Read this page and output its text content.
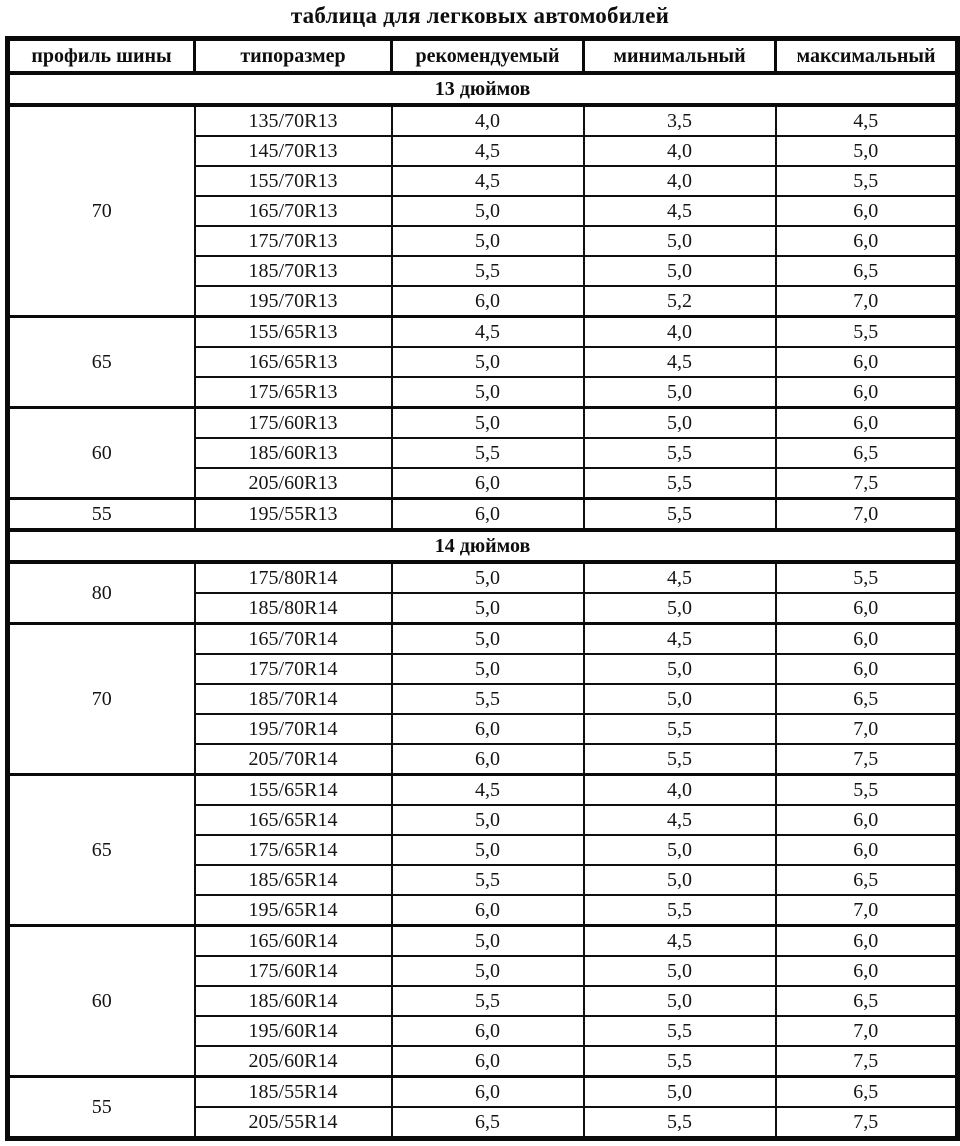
таблица для легковых автомобилей
профиль шины	типоразмер	рекомендуемый	минимальный	максимальный
13 дюймов				
70	135/70R13	4,0	3,5	4,5
	145/70R13	4,5	4,0	5,0
	155/70R13	4,5	4,0	5,5
	165/70R13	5,0	4,5	6,0
	175/70R13	5,0	5,0	6,0
	185/70R13	5,5	5,0	6,5
	195/70R13	6,0	5,2	7,0
65	155/65R13	4,5	4,0	5,5
	165/65R13	5,0	4,5	6,0
	175/65R13	5,0	5,0	6,0
60	175/60R13	5,0	5,0	6,0
	185/60R13	5,5	5,5	6,5
	205/60R13	6,0	5,5	7,5
55	195/55R13	6,0	5,5	7,0
14 дюймов				
80	175/80R14	5,0	4,5	5,5
	185/80R14	5,0	5,0	6,0
70	165/70R14	5,0	4,5	6,0
	175/70R14	5,0	5,0	6,0
	185/70R14	5,5	5,0	6,5
	195/70R14	6,0	5,5	7,0
	205/70R14	6,0	5,5	7,5
65	155/65R14	4,5	4,0	5,5
	165/65R14	5,0	4,5	6,0
	175/65R14	5,0	5,0	6,0
	185/65R14	5,5	5,0	6,5
	195/65R14	6,0	5,5	7,0
60	165/60R14	5,0	4,5	6,0
	175/60R14	5,0	5,0	6,0
	185/60R14	5,5	5,0	6,5
	195/60R14	6,0	5,5	7,0
	205/60R14	6,0	5,5	7,5
55	185/55R14	6,0	5,0	6,5
	205/55R14	6,5	5,5	7,5
